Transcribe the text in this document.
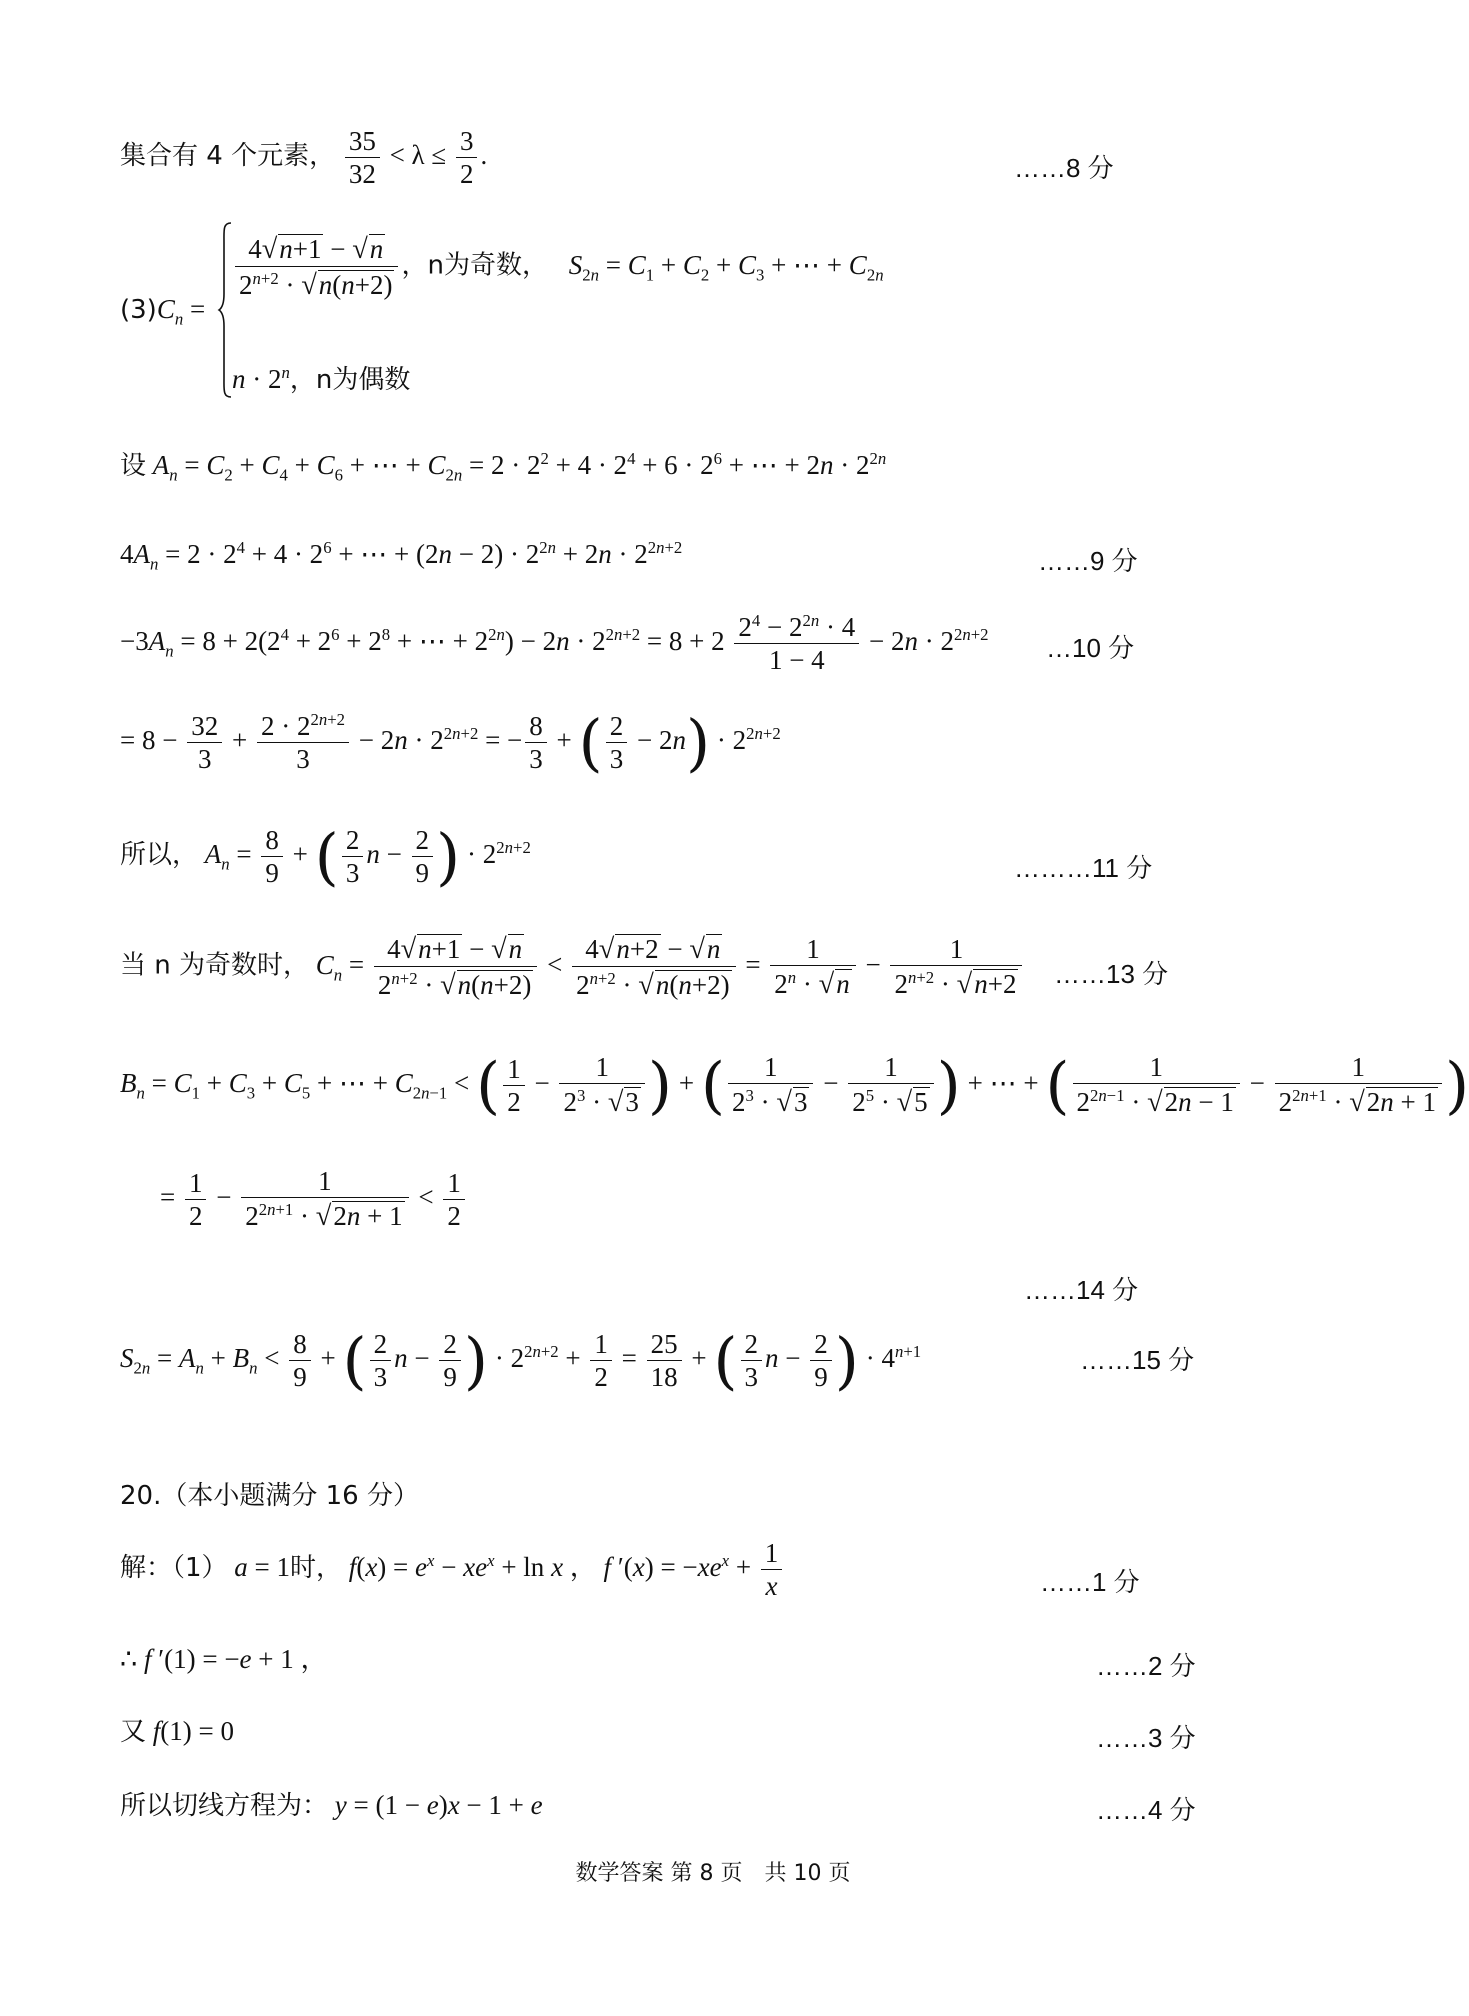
集合有 4 个元素， $\frac{35}{32} < \lambda \le \frac{3}{2}$ .	……8 分
$(3)C_n$ =
$\frac{4√n+1 - √n}{2^{n+2} \cdot √n(n+2)}$ ，n为奇数， $S_{2n} = C_1 + C_2 + C_3$ + ⋯ + $C_{2n}$
$n \cdot 2^n$，n为偶数
设 $A_n = C_2 + C_4 + C_6$ + ⋯ + $C_{2n} = 2 \cdot 2^2 + 4 \cdot 2^4 + 6 \cdot 2^6$ + ⋯ + $2n \cdot 2^{2n}$
$4A_n = 2 \cdot 2^4 + 4 \cdot 2^6$ + ⋯ + $(2n - 2) \cdot 2^{2n} + 2n \cdot 2^{2n+2}$	……9 分
$-3A_n = 8 + 2(2^4 + 2^6 + 2^8$ + ⋯ + $2^{2n}) - 2n \cdot 2^{2n+2} = 8 + 2 \frac{2^4 - 2^{2n} \cdot 4}{1 - 4} - 2n \cdot 2^{2n+2}$ …10 分
= $8 - \frac{32}{3} + \frac{2 \cdot 2^{2n+2}}{3} - 2n \cdot 2^{2n+2}$ = − $\frac{8}{3}$ + ( $\frac{2}{3} - 2n) \cdot 2^{2n+2}$
所以， $A_n = \frac{8}{9}$ + ( $\frac{2}{3}$ $n - \frac{2}{9}$ ) · $2^{2n+2}$
………11 分
当 n 为奇数时， $C_n = \frac{4√n+1 - √n}{2^{n+2} \cdot √n(n+2)} < \frac{4√n+2 - √n}{2^{n+2} \cdot √n(n+2)} = \frac{1}{2^n \cdot √n} - \frac{1}{2^{n+2} \cdot √n+2}$ ……13 分
$B_n = C_1 + C_3 + C_5$ + ⋯ + $C_{2n-1}$ < ( $\frac{1}{2} - \frac{1}{2^3 \cdot √3}$ ) + ( $\frac{1}{2^3 \cdot √3} - \frac{1}{2^5 \cdot √5}$ ) + ⋯ + ( $\frac{1}{2^{2n-1} \cdot √2n - 1} - \frac{1}{2^{2n+1} \cdot √2n + 1}$ )
= $\frac{1}{2} - \frac{1}{2^{2n+1} \cdot √2n + 1} < \frac{1}{2}$
……14 分
$S_{2n} = A_n + B_n < \frac{8}{9}$ + ( $\frac{2}{3}$ $n - \frac{2}{9}$ ) · $2^{2n+2} + \frac{1}{2} = \frac{25}{18}$ + ( $\frac{2}{3}$ $n - \frac{2}{9}$ ) · $4^{n+1}$	……15 分
20.（本小题满分 16 分）
解：（1） a = 1时， $f(x) = e^x - xe^x + \ln x$ ， f $'(x) = -xe^x + \frac{1}{x}$	……1 分
∴ f ′(1) = −e + 1 ，	……2 分
又 f(1) = 0	……3 分
所以切线方程为： y = (1 − e)x − 1 + e	……4 分
数学答案 第 8 页　共 10 页
